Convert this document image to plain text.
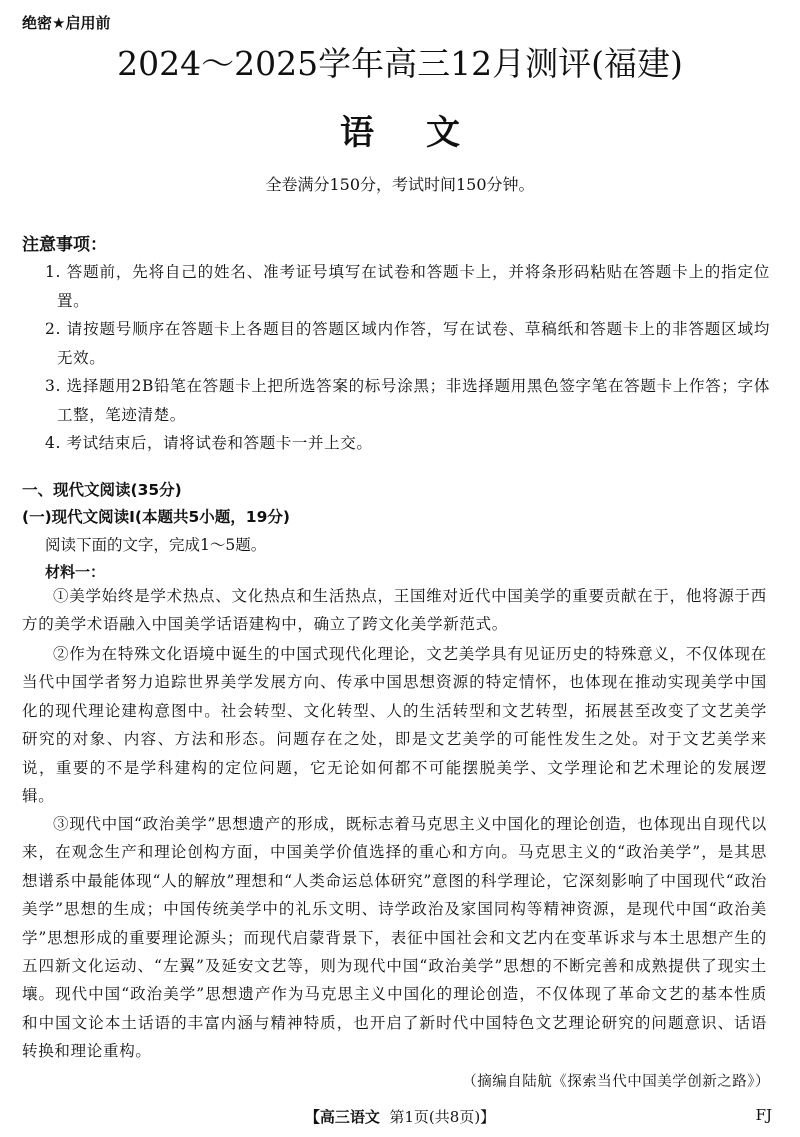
绝密★启用前
2024～2025学年高三12月测评(福建)
语文
全卷满分150分，考试时间150分钟。
注意事项：
1. 答题前，先将自己的姓名、准考证号填写在试卷和答题卡上，并将条形码粘贴在答题卡上的指定位置。
2. 请按题号顺序在答题卡上各题目的答题区域内作答，写在试卷、草稿纸和答题卡上的非答题区域均无效。
3. 选择题用2B铅笔在答题卡上把所选答案的标号涂黑；非选择题用黑色签字笔在答题卡上作答；字体工整，笔迹清楚。
4. 考试结束后，请将试卷和答题卡一并上交。
一、现代文阅读(35分)
(一)现代文阅读Ⅰ(本题共5小题，19分)
阅读下面的文字，完成1～5题。
材料一：

①美学始终是学术热点、文化热点和生活热点，王国维对近代中国美学的重要贡献在于，他将源于西方的美学术语融入中国美学话语建构中，确立了跨文化美学新范式。

②作为在特殊文化语境中诞生的中国式现代化理论，文艺美学具有见证历史的特殊意义，不仅体现在当代中国学者努力追踪世界美学发展方向、传承中国思想资源的特定情怀，也体现在推动实现美学中国化的现代理论建构意图中。社会转型、文化转型、人的生活转型和文艺转型，拓展甚至改变了文艺美学研究的对象、内容、方法和形态。问题存在之处，即是文艺美学的可能性发生之处。对于文艺美学来说，重要的不是学科建构的定位问题，它无论如何都不可能摆脱美学、文学理论和艺术理论的发展逻辑。

③现代中国“政治美学”思想遗产的形成，既标志着马克思主义中国化的理论创造，也体现出自现代以来，在观念生产和理论创构方面，中国美学价值选择的重心和方向。马克思主义的“政治美学”，是其思想谱系中最能体现“人的解放”理想和“人类命运总体研究”意图的科学理论，它深刻影响了中国现代“政治美学”思想的生成；中国传统美学中的礼乐文明、诗学政治及家国同构等精神资源，是现代中国“政治美学”思想形成的重要理论源头；而现代启蒙背景下，表征中国社会和文艺内在变革诉求与本土思想产生的五四新文化运动、“左翼”及延安文艺等，则为现代中国“政治美学”思想的不断完善和成熟提供了现实土壤。现代中国“政治美学”思想遗产作为马克思主义中国化的理论创造，不仅体现了革命文艺的基本性质和中国文论本土话语的丰富内涵与精神特质，也开启了新时代中国特色文艺理论研究的问题意识、话语转换和理论重构。

（摘编自陆航《探索当代中国美学创新之路》）
【高三语文 第1页(共8页)】	FJ
